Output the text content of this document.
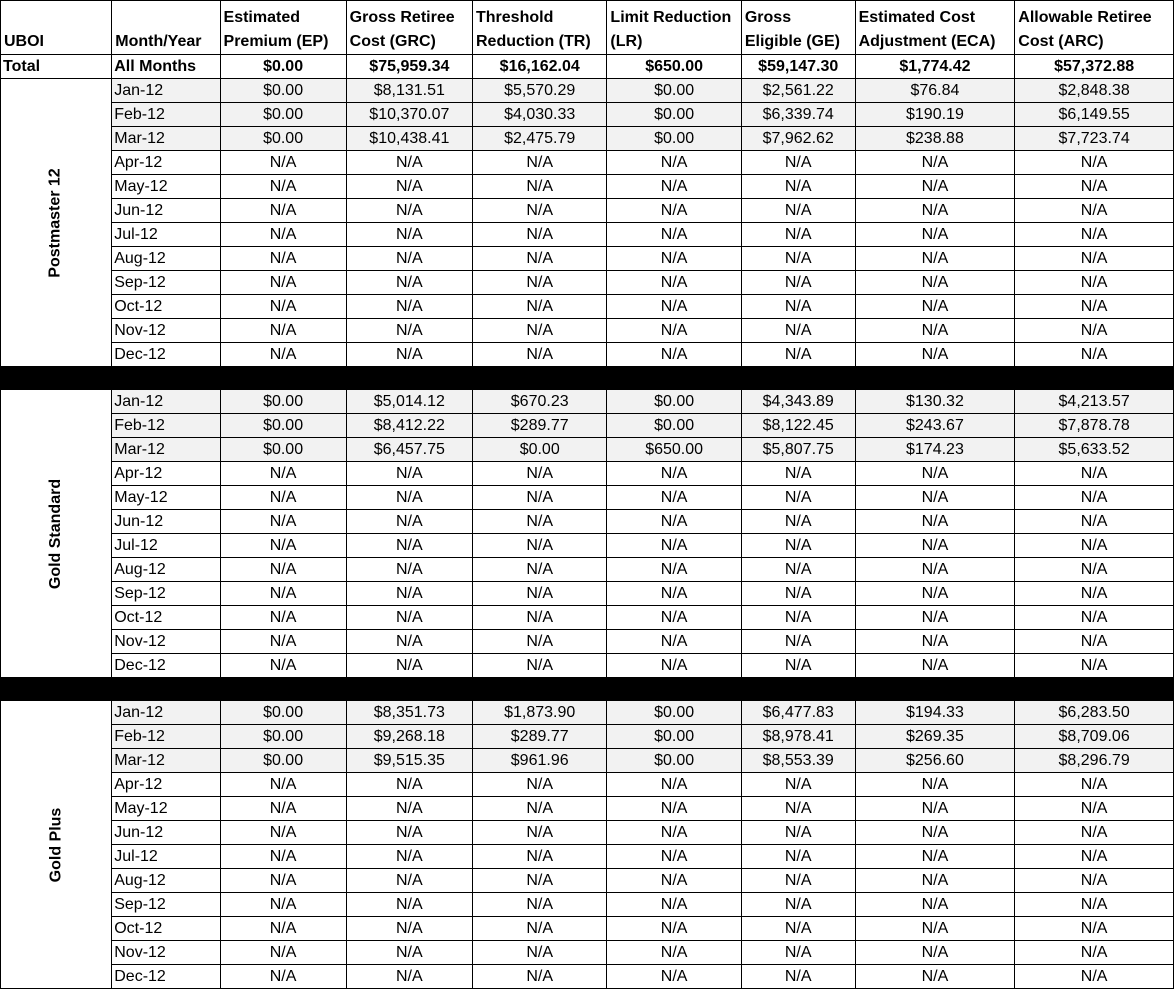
UBOI	Month/Year	Estimated Premium (EP)	Gross Retiree Cost (GRC)	Threshold Reduction (TR)	Limit Reduction (LR)	Gross Eligible (GE)	Estimated Cost Adjustment (ECA)	Allowable Retiree Cost (ARC)
Total	All Months	$0.00	$75,959.34	$16,162.04	$650.00	$59,147.30	$1,774.42	$57,372.88
Postmaster 12	Jan-12	$0.00	$8,131.51	$5,570.29	$0.00	$2,561.22	$76.84	$2,848.38
	Feb-12	$0.00	$10,370.07	$4,030.33	$0.00	$6,339.74	$190.19	$6,149.55
	Mar-12	$0.00	$10,438.41	$2,475.79	$0.00	$7,962.62	$238.88	$7,723.74
	Apr-12	N/A	N/A	N/A	N/A	N/A	N/A	N/A
	May-12	N/A	N/A	N/A	N/A	N/A	N/A	N/A
	Jun-12	N/A	N/A	N/A	N/A	N/A	N/A	N/A
	Jul-12	N/A	N/A	N/A	N/A	N/A	N/A	N/A
	Aug-12	N/A	N/A	N/A	N/A	N/A	N/A	N/A
	Sep-12	N/A	N/A	N/A	N/A	N/A	N/A	N/A
	Oct-12	N/A	N/A	N/A	N/A	N/A	N/A	N/A
	Nov-12	N/A	N/A	N/A	N/A	N/A	N/A	N/A
	Dec-12	N/A	N/A	N/A	N/A	N/A	N/A	N/A

Gold Standard	Jan-12	$0.00	$5,014.12	$670.23	$0.00	$4,343.89	$130.32	$4,213.57
	Feb-12	$0.00	$8,412.22	$289.77	$0.00	$8,122.45	$243.67	$7,878.78
	Mar-12	$0.00	$6,457.75	$0.00	$650.00	$5,807.75	$174.23	$5,633.52
	Apr-12	N/A	N/A	N/A	N/A	N/A	N/A	N/A
	May-12	N/A	N/A	N/A	N/A	N/A	N/A	N/A
	Jun-12	N/A	N/A	N/A	N/A	N/A	N/A	N/A
	Jul-12	N/A	N/A	N/A	N/A	N/A	N/A	N/A
	Aug-12	N/A	N/A	N/A	N/A	N/A	N/A	N/A
	Sep-12	N/A	N/A	N/A	N/A	N/A	N/A	N/A
	Oct-12	N/A	N/A	N/A	N/A	N/A	N/A	N/A
	Nov-12	N/A	N/A	N/A	N/A	N/A	N/A	N/A
	Dec-12	N/A	N/A	N/A	N/A	N/A	N/A	N/A

Gold Plus	Jan-12	$0.00	$8,351.73	$1,873.90	$0.00	$6,477.83	$194.33	$6,283.50
	Feb-12	$0.00	$9,268.18	$289.77	$0.00	$8,978.41	$269.35	$8,709.06
	Mar-12	$0.00	$9,515.35	$961.96	$0.00	$8,553.39	$256.60	$8,296.79
	Apr-12	N/A	N/A	N/A	N/A	N/A	N/A	N/A
	May-12	N/A	N/A	N/A	N/A	N/A	N/A	N/A
	Jun-12	N/A	N/A	N/A	N/A	N/A	N/A	N/A
	Jul-12	N/A	N/A	N/A	N/A	N/A	N/A	N/A
	Aug-12	N/A	N/A	N/A	N/A	N/A	N/A	N/A
	Sep-12	N/A	N/A	N/A	N/A	N/A	N/A	N/A
	Oct-12	N/A	N/A	N/A	N/A	N/A	N/A	N/A
	Nov-12	N/A	N/A	N/A	N/A	N/A	N/A	N/A
	Dec-12	N/A	N/A	N/A	N/A	N/A	N/A	N/A
